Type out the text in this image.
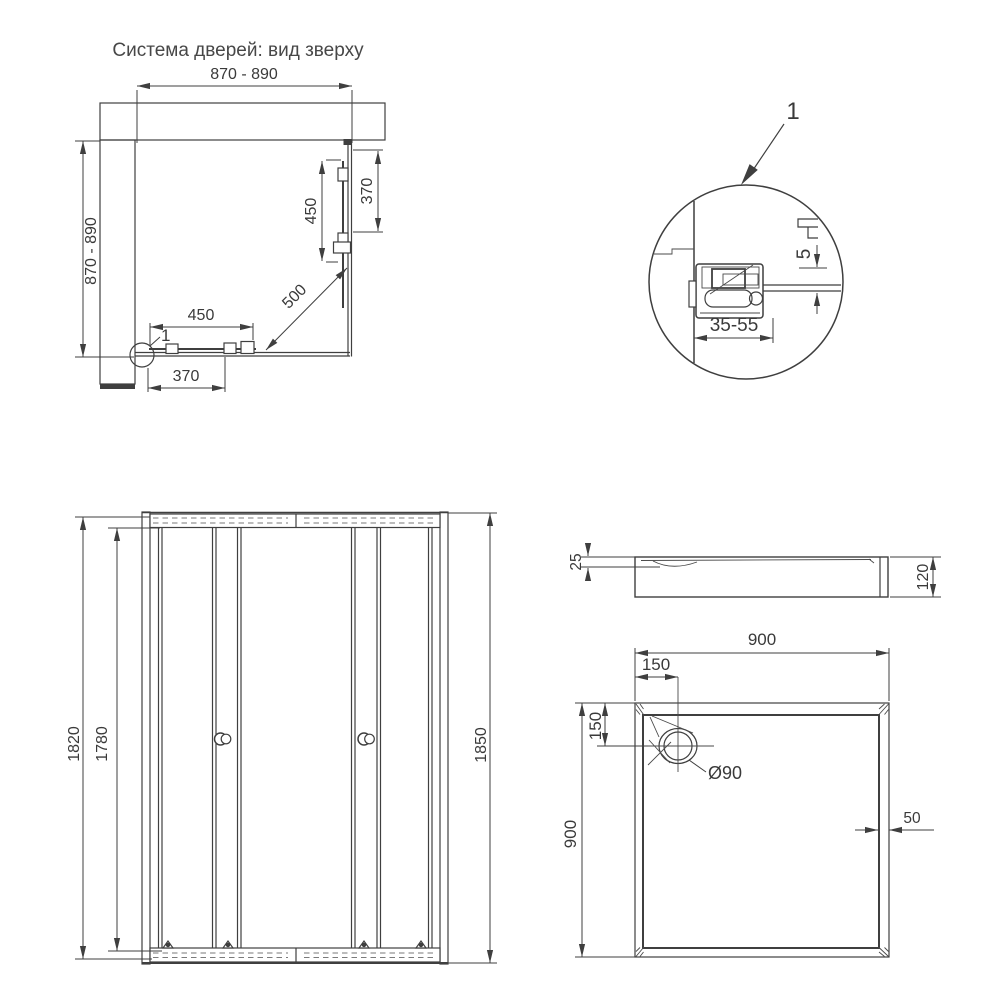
Система дверей: вид зверху
870 - 890
870 - 890
500
450
370
450
370
1
1
5
35-55
1820 1780	1850
25
120
900
150
150
900
Ø90
50
